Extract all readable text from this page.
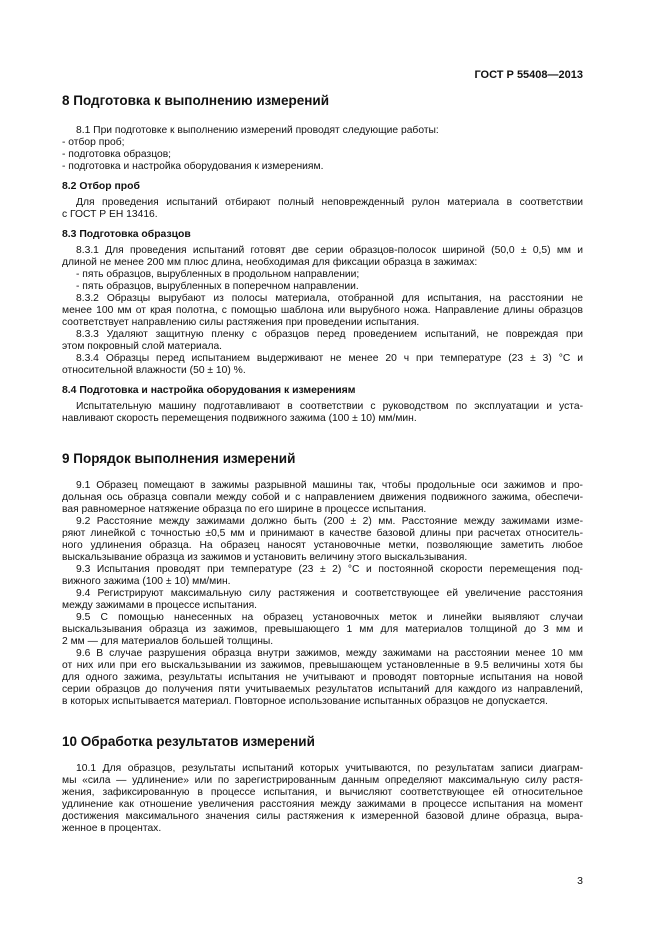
ГОСТ Р 55408—2013
8 Подготовка к выполнению измерений
8.1 При подготовке к выполнению измерений проводят следующие работы:
- отбор проб;
- подготовка образцов;
- подготовка и настройка оборудования к измерениям.
8.2 Отбор проб
Для проведения испытаний отбирают полный неповрежденный рулон материала в соответствии
с ГОСТ Р ЕН 13416.
8.3 Подготовка образцов
8.3.1 Для проведения испытаний готовят две серии образцов-полосок шириной (50,0 ± 0,5) мм и
длиной не менее 200 мм плюс длина, необходимая для фиксации образца в зажимах:
- пять образцов, вырубленных в продольном направлении;
- пять образцов, вырубленных в поперечном направлении.
8.3.2 Образцы вырубают из полосы материала, отобранной для испытания, на расстоянии не
менее 100 мм от края полотна, с помощью шаблона или вырубного ножа. Направление длины образцов
соответствует направлению силы растяжения при проведении испытания.
8.3.3 Удаляют защитную пленку с образцов перед проведением испытаний, не повреждая при
этом покровный слой материала.
8.3.4 Образцы перед испытанием выдерживают не менее 20 ч при температуре (23 ± 3) °С и
относительной влажности (50 ± 10) %.
8.4 Подготовка и настройка оборудования к измерениям
Испытательную машину подготавливают в соответствии с руководством по эксплуатации и уста-
навливают скорость перемещения подвижного зажима (100 ± 10) мм/мин.
9 Порядок выполнения измерений
9.1 Образец помещают в зажимы разрывной машины так, чтобы продольные оси зажимов и про-
дольная ось образца совпали между собой и с направлением движения подвижного зажима, обеспечи-
вая равномерное натяжение образца по его ширине в процессе испытания.
9.2 Расстояние между зажимами должно быть (200 ± 2) мм. Расстояние между зажимами изме-
ряют линейкой с точностью ±0,5 мм и принимают в качестве базовой длины при расчетах относитель-
ного удлинения образца. На образец наносят установочные метки, позволяющие заметить любое
выскальзывание образца из зажимов и установить величину этого выскальзывания.
9.3 Испытания проводят при температуре (23 ± 2) °С и постоянной скорости перемещения под-
вижного зажима (100 ± 10) мм/мин.
9.4 Регистрируют максимальную силу растяжения и соответствующее ей увеличение расстояния
между зажимами в процессе испытания.
9.5 С помощью нанесенных на образец установочных меток и линейки выявляют случаи
выскальзывания образца из зажимов, превышающего 1 мм для материалов толщиной до 3 мм и
2 мм — для материалов большей толщины.
9.6 В случае разрушения образца внутри зажимов, между зажимами на расстоянии менее 10 мм
от них или при его выскальзывании из зажимов, превышающем установленные в 9.5 величины хотя бы
для одного зажима, результаты испытания не учитывают и проводят повторные испытания на новой
серии образцов до получения пяти учитываемых результатов испытаний для каждого из направлений,
в которых испытывается материал. Повторное использование испытанных образцов не допускается.
10 Обработка результатов измерений
10.1 Для образцов, результаты испытаний которых учитываются, по результатам записи диаграм-
мы «сила — удлинение» или по зарегистрированным данным определяют максимальную силу растя-
жения, зафиксированную в процессе испытания, и вычисляют соответствующее ей относительное
удлинение как отношение увеличения расстояния между зажимами в процессе испытания на момент
достижения максимального значения силы растяжения к измеренной базовой длине образца, выра-
женное в процентах.
3
